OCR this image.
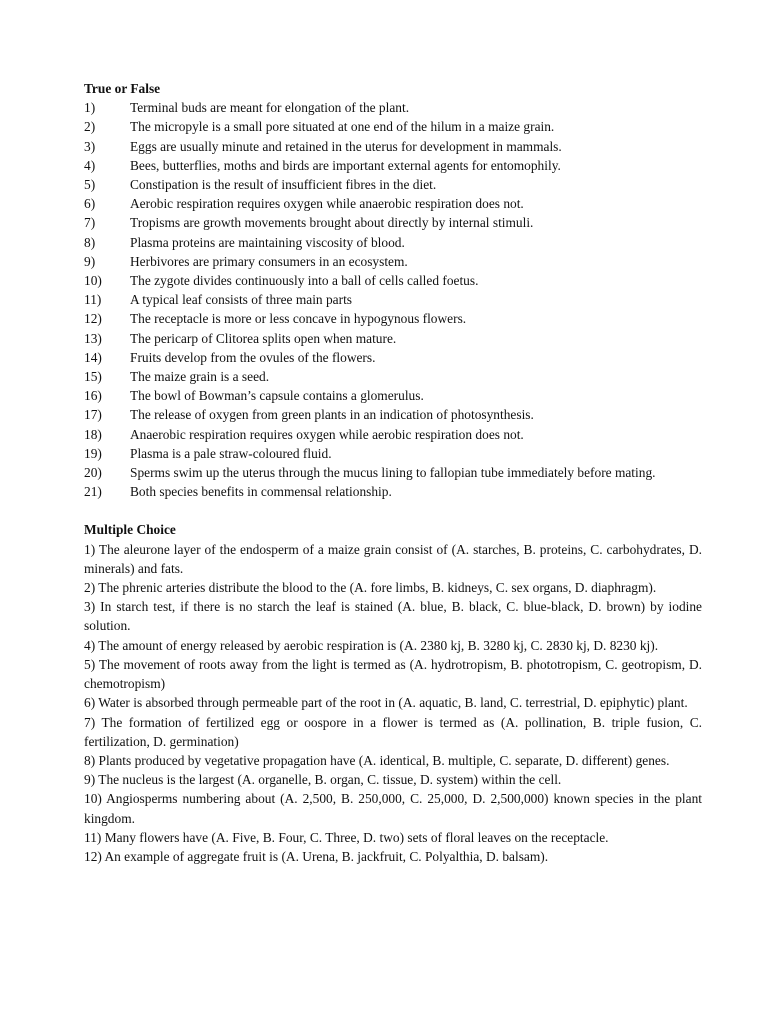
True or False
1)	Terminal buds are meant for elongation of the plant.
2)	The micropyle is a small pore situated at one end of the hilum in a maize grain.
3)	Eggs are usually minute and retained in the uterus for development in mammals.
4)	Bees, butterflies, moths and birds are important external agents for entomophily.
5)	Constipation is the result of insufficient fibres in the diet.
6)	Aerobic respiration requires oxygen while anaerobic respiration does not.
7)	Tropisms are growth movements brought about directly by internal stimuli.
8)	Plasma proteins are maintaining viscosity of blood.
9)	Herbivores are primary consumers in an ecosystem.
10)	The zygote divides continuously into a ball of cells called foetus.
11)	A typical leaf consists of three main parts
12)	The receptacle is more or less concave in hypogynous flowers.
13)	The pericarp of Clitorea splits open when mature.
14)	Fruits develop from the ovules of the flowers.
15)	The maize grain is a seed.
16)	The bowl of Bowman’s capsule contains a glomerulus.
17)	The release of oxygen from green plants in an indication of photosynthesis.
18)	Anaerobic respiration requires oxygen while aerobic respiration does not.
19)	Plasma is a pale straw-coloured fluid.
20)	Sperms swim up the uterus through the mucus lining to fallopian tube immediately before mating.
21)	Both species benefits in commensal relationship.
Multiple Choice
1) The aleurone layer of the endosperm of a maize grain consist of (A. starches, B. proteins, C. carbohydrates, D. minerals) and fats.
2) The phrenic arteries distribute the blood to the (A. fore limbs, B. kidneys, C. sex organs, D. diaphragm).
3) In starch test, if there is no starch the leaf is stained (A. blue, B. black, C. blue-black, D. brown) by iodine solution.
4) The amount of energy released by aerobic respiration is (A. 2380 kj, B. 3280 kj, C. 2830 kj, D. 8230 kj).
5) The movement of roots away from the light is termed as (A. hydrotropism, B. phototropism, C. geotropism, D. chemotropism)
6) Water is absorbed through permeable part of the root in (A. aquatic, B. land, C. terrestrial, D. epiphytic) plant.
7) The formation of fertilized egg or oospore in a flower is termed as (A. pollination, B. triple fusion, C. fertilization, D. germination)
8) Plants produced by vegetative propagation have (A. identical, B. multiple, C. separate, D. different) genes.
9) The nucleus is the largest (A. organelle, B. organ, C. tissue, D. system) within the cell.
10) Angiosperms numbering about (A. 2,500, B. 250,000, C. 25,000, D. 2,500,000) known species in the plant kingdom.
11) Many flowers have (A. Five, B. Four, C. Three, D. two) sets of floral leaves on the receptacle.
12) An example of aggregate fruit is (A. Urena, B. jackfruit, C. Polyalthia, D. balsam).
